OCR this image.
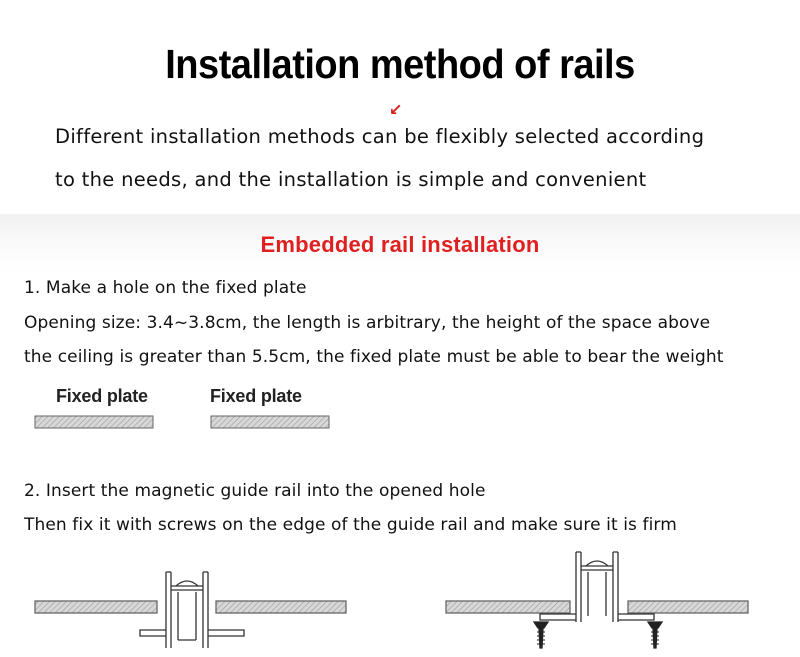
Installation method of rails
↙
Different installation methods can be flexibly selected according
to the needs, and the installation is simple and convenient
Embedded rail installation
1. Make a hole on the fixed plate
Opening size: 3.4~3.8cm, the length is arbitrary, the height of the space above
the ceiling is greater than 5.5cm, the fixed plate must be able to bear the weight
Fixed plate	Fixed plate
2. Insert the magnetic guide rail into the opened hole
Then fix it with screws on the edge of the guide rail and make sure it is firm
